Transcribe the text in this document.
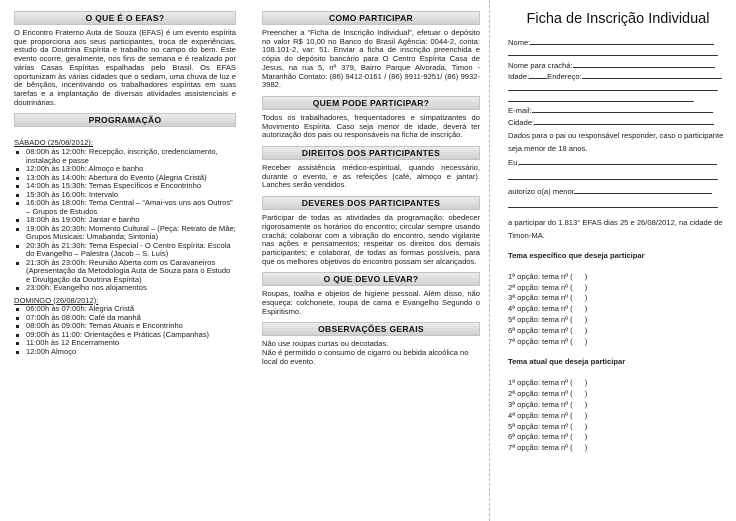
O QUE É O EFAS?

O Encontro Fraterno Auta de Souza (EFAS) é um evento espírita que proporciona aos seus participantes, troca de experiências, estudo da Doutrina Espírita e trabalho no campo do bem. Este evento ocorre, geralmente, nos fins de semana e é realizado por várias Casas Espíritas espalhadas pelo Brasil. Os EFAS oportunizam às várias cidades que o sediam, uma chuva de luz e de bênçãos, incentivando os trabalhadores espíritas em suas tarefas e a implantação de diversas atividades assistenciais e doutrinárias.

PROGRAMAÇÃO
SÁBADO (25/08/2012):
08:00h às 12:00h: Recepção, inscrição, credenciamento, instalação e passe
12:00h às 13:00h: Almoço e banho
13:00h às 14:00h: Abertura do Evento (Alegria Cristã)
14:00h às 15:30h: Temas Específicos e Encontrinho
15:30h às 16:00h: Intervalo
16:00h às 18:00h: Tema Central – “Amai-vos uns aos Outros” – Grupos de Estudos
18:00h às 19:00h: Jantar e banho
19:00h às 20:30h: Momento Cultural – (Peça: Retrato de Mãe; Grupos Musicais: Umabanda; Sintonia)
20:30h às 21:30h: Tema Especial - O Centro Espírita: Escola do Evangelho – Palestra (Jacob – S. Luís)
21:30h às 23:00h: Reunião Aberta com os Caravaneiros (Apresentação da Metodologia Auta de Souza para o Estudo e Divulgação da Doutrina Espírita)
23:00h: Evangelho nos alojamentos
DOMINGO (26/08/2012):
06:00h às 07:00h: Alegria Cristã
07:00h às 08:00h: Café da manhã
08:00h às 09:00h: Temas Atuais e Encontrinho
09:00h às 11:00: Orientações e Práticas (Campanhas)
11:00h às 12 Encerramento
12:00h Almoço
COMO PARTICIPAR

Preencher a “Ficha de Inscrição Individual”, efetuar o depósito no valor R$ 10,00 no Banco do Brasil Agência: 0044-2, conta: 108.101-2, var: 51. Enviar a ficha de inscrição preenchida e cópia do depósito bancário para O Centro Espírita Casa de Jesus, na rua 5, nº 379, Bairro Parque Alvorada, Timon - Maranhão Contato: (86) 9412-0161 / (86) 9911-9251/ (86) 9932-3982.

QUEM PODE PARTICIPAR?

Todos os trabalhadores, frequentadores e simpatizantes do Movimento Espírita. Caso seja menor de idade, deverá ter autorização dos pais ou responsáveis na ficha de inscrição.

DIREITOS DOS PARTICIPANTES

Receber assistência médico-espiritual, quando necessário, durante o evento, e as refeições (café, almoço e jantar). Lanches serão vendidos.

DEVERES DOS PARTICIPANTES

Participar de todas as atividades da programação; obedecer rigorosamente os horários do encontro; circular sempre usando crachá; colaborar com a vibração do encontro, sendo vigilante nas ações e pensamentos; respeitar os direitos dos demais participantes; e colaborar, de todas as formas possíveis, para que os melhores objetivos do encontro possam ser alcançados.

O QUE DEVO LEVAR?

Roupas, toalha e objetos de higiene pessoal. Além disso, não esqueça: colchonete, roupa de cama e Evangelho Segundo o Espiritismo.

OBSERVAÇÕES GERAIS

Não use roupas curtas ou decotadas.
Não é permitido o consumo de cigarro ou bebida alcoólica no local do evento.

Ficha de Inscrição Individual
Nome:
Nome para crachá:
Idade: Endereço:
E-mail:
Cidade:
Dados para o pai ou responsável responder, caso o participante seja menor de 18 anos.
Eu,
autorizo o(a) menor
a participar do 1.813° EFAS dias 25 e 26/08/2012, na cidade de Timon-MA.
Tema específico que deseja participar
1ª opção: tema nº ( )
2ª opção: tema nº ( )
3ª opção: tema nº ( )
4ª opção: tema nº ( )
5ª opção: tema nº ( )
6ª opção: tema nº ( )
7ª opção: tema nº ( )
Tema atual que deseja participar
1ª opção: tema nº ( )
2ª opção: tema nº ( )
3ª opção: tema nº ( )
4ª opção: tema nº ( )
5ª opção: tema nº ( )
6ª opção: tema nº ( )
7ª opção: tema nº ( )
